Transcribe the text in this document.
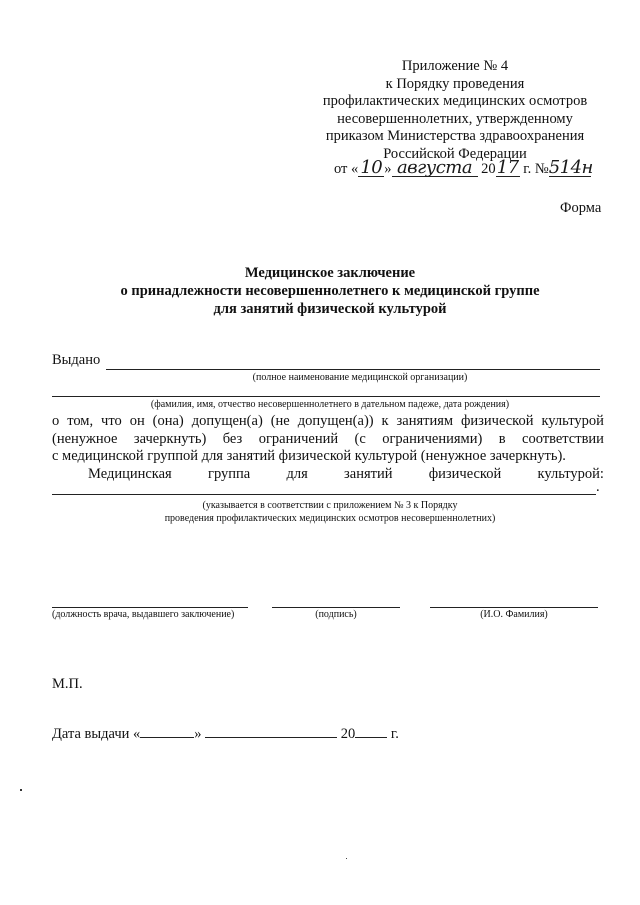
Приложение № 4
к Порядку проведения
профилактических медицинских осмотров
несовершеннолетних, утвержденному
приказом Министерства здравоохранения
Российской Федерации
от « 10 » августа 2017 г. №514н
Форма
Медицинское заключение
о принадлежности несовершеннолетнего к медицинской группе
для занятий физической культурой
Выдано
(полное наименование медицинской организации)
(фамилия, имя, отчество несовершеннолетнего в дательном падеже, дата рождения)
о том, что он (она) допущен(а) (не допущен(а)) к занятиям физической культурой
(ненужное зачеркнуть) без ограничений (с ограничениями) в соответствии
с медицинской группой для занятий физической культурой (ненужное зачеркнуть).
Медицинская	группа	для	занятий	физической	культурой:
.
(указывается в соответствии с приложением № 3 к Порядку
проведения профилактических медицинских осмотров несовершеннолетних)
(должность врача, выдавшего заключение)	(подпись)	(И.О. Фамилия)
М.П.
Дата выдачи «	»	20 г.
